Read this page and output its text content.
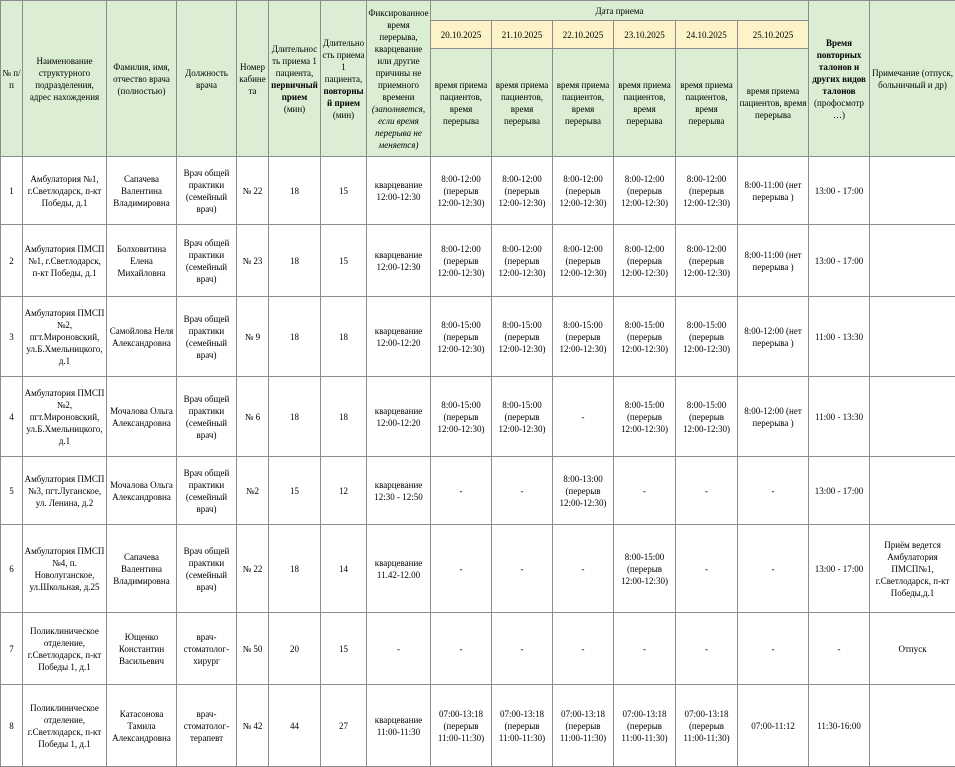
№ п/п	Наименование структурного подразделения, адрес нахождения	Фамилия, имя, отчество врача (полностью)	Должность врача	Номер кабинета	Длительность приема 1 пациента, первичный прием (мин)	Длительность приема 1 пациента, повторный прием (мин)	Фиксированное время перерыва, кварцевание или другие причины не приемного времени (заполняется, если время перерыва не меняется)	Дата приема						Время повторных талонов и других видов талонов (профосмотр …)	Примечание (отпуск, больничный и др)
								20.10.2025	21.10.2025	22.10.2025	23.10.2025	24.10.2025	25.10.2025		
								время приема пациентов, время перерыва	время приема пациентов, время перерыва	время приема пациентов, время перерыва	время приема пациентов, время перерыва	время приема пациентов, время перерыва	время приема пациентов, время перерыва		
1	Амбулатория №1, г.Светлодарск, п-кт Победы, д.1	Сапачева Валентина Владимировна	Врач общей практики (семейный врач)	№ 22	18	15	кварцевание 12:00-12:30	8:00-12:00 (перерыв 12:00-12:30)	8:00-12:00 (перерыв 12:00-12:30)	8:00-12:00 (перерыв 12:00-12:30)	8:00-12:00 (перерыв 12:00-12:30)	8:00-12:00 (перерыв 12:00-12:30)	8:00-11:00 (нет перерыва )	13:00 - 17:00	
2	Амбулатория ПМСП №1, г.Светлодарск, п-кт Победы, д.1	Болховитина Елена Михайловна	Врач общей практики (семейный врач)	№ 23	18	15	кварцевание 12:00-12:30	8:00-12:00 (перерыв 12:00-12:30)	8:00-12:00 (перерыв 12:00-12:30)	8:00-12:00 (перерыв 12:00-12:30)	8:00-12:00 (перерыв 12:00-12:30)	8:00-12:00 (перерыв 12:00-12:30)	8:00-11:00 (нет перерыва )	13:00 - 17:00	
3	Амбулатория ПМСП №2, пгт.Мироновский, ул.Б.Хмельницкого, д.1	Самойлова Неля Александровна	Врач общей практики (семейный врач)	№ 9	18	18	кварцевание 12:00-12:20	8:00-15:00 (перерыв 12:00-12:30)	8:00-15:00 (перерыв 12:00-12:30)	8:00-15:00 (перерыв 12:00-12:30)	8:00-15:00 (перерыв 12:00-12:30)	8:00-15:00 (перерыв 12:00-12:30)	8:00-12:00 (нет перерыва )	11:00 - 13:30	
4	Амбулатория ПМСП №2, пгт.Мироновский, ул.Б.Хмельницкого, д.1	Мочалова Ольга Александровна	Врач общей практики (семейный врач)	№ 6	18	18	кварцевание 12:00-12:20	8:00-15:00 (перерыв 12:00-12:30)	8:00-15:00 (перерыв 12:00-12:30)	-	8:00-15:00 (перерыв 12:00-12:30)	8:00-15:00 (перерыв 12:00-12:30)	8:00-12:00 (нет перерыва )	11:00 - 13:30	
5	Амбулатория ПМСП №3, пгт.Луганское, ул. Ленина, д.2	Мочалова Ольга Александровна	Врач общей практики (семейный врач)	№2	15	12	кварцевание 12:30 - 12:50	-	-	8:00-13:00 (перерыв 12:00-12:30)	-	-	-	13:00 - 17:00	
6	Амбулатория ПМСП №4, п. Новолуганское, ул.Школьная, д.25	Сапачева Валентина Владимировна	Врач общей практики (семейный врач)	№ 22	18	14	кварцевание 11.42-12.00	-	-	-	8:00-15:00 (перерыв 12:00-12:30)	-	-	13:00 - 17:00	Приём ведется Амбулатория ПМСП№1, г.Светлодарск, п-кт Победы,д.1
7	Поликлиническое отделение, г.Светлодарск, п-кт Победы 1, д.1	Ющенко Константин Васильевич	врач-стоматолог-хирург	№ 50	20	15	-	-	-	-	-	-	-	-	Отпуск
8	Поликлиническое отделение, г.Светлодарск, п-кт Победы 1, д.1	Катасонова Тамила Александровна	врач-стоматолог-терапевт	№ 42	44	27	кварцевание 11:00-11:30	07:00-13:18 (перерыв 11:00-11:30)	07:00-13:18 (перерыв 11:00-11:30)	07:00-13:18 (перерыв 11:00-11:30)	07:00-13:18 (перерыв 11:00-11:30)	07:00-13:18 (перерыв 11:00-11:30)	07:00-11:12	11:30-16:00	
